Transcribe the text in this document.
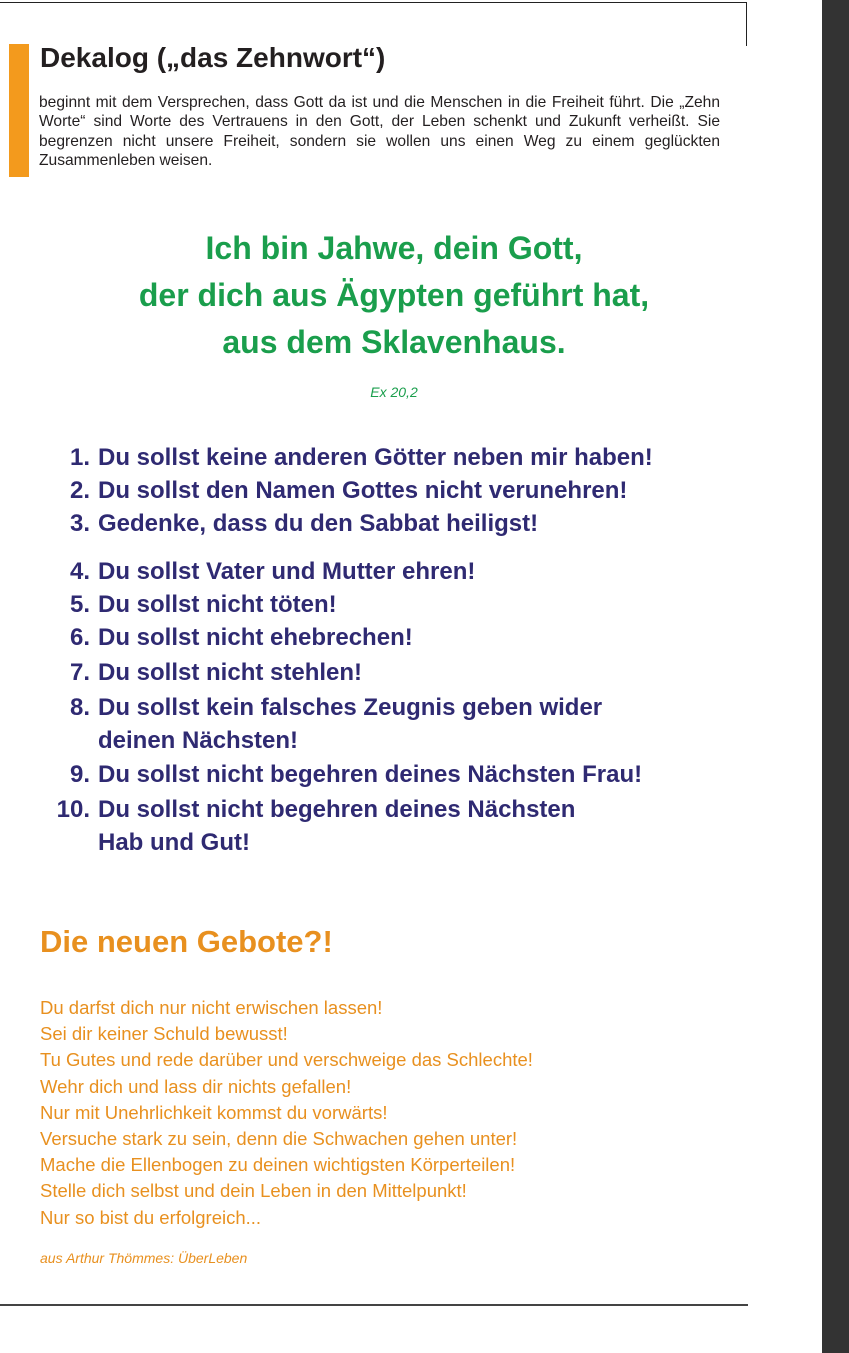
Dekalog („das Zehnwort“)

beginnt mit dem Versprechen, dass Gott da ist und die Menschen in die Freiheit führt. Die „Zehn Worte“ sind Worte des Vertrauens in den Gott, der Leben schenkt und Zukunft verheißt. Sie begrenzen nicht unsere Freiheit, sondern sie wollen uns einen Weg zu einem geglückten Zusammenleben weisen.

Ich bin Jahwe, dein Gott,
der dich aus Ägypten geführt hat,
aus dem Sklavenhaus.
Ex 20,2
1. Du sollst keine anderen Götter neben mir haben!
2. Du sollst den Namen Gottes nicht verunehren!
3. Gedenke, dass du den Sabbat heiligst!
4. Du sollst Vater und Mutter ehren!
5. Du sollst nicht töten!
6. Du sollst nicht ehebrechen!
7. Du sollst nicht stehlen!
8. Du sollst kein falsches Zeugnis geben wider
deinen Nächsten!
9. Du sollst nicht begehren deines Nächsten Frau!
10. Du sollst nicht begehren deines Nächsten
Hab und Gut!
Die neuen Gebote?!
Du darfst dich nur nicht erwischen lassen!
Sei dir keiner Schuld bewusst!
Tu Gutes und rede darüber und verschweige das Schlechte!
Wehr dich und lass dir nichts gefallen!
Nur mit Unehrlichkeit kommst du vorwärts!
Versuche stark zu sein, denn die Schwachen gehen unter!
Mache die Ellenbogen zu deinen wichtigsten Körperteilen!
Stelle dich selbst und dein Leben in den Mittelpunkt!
Nur so bist du erfolgreich...
aus Arthur Thömmes: ÜberLeben
